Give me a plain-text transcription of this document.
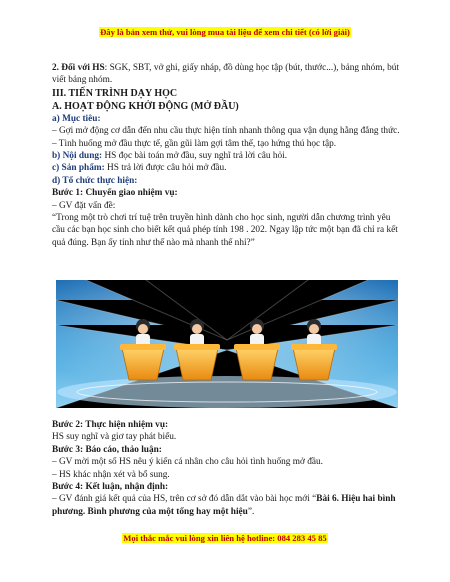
Đây là bản xem thử, vui lòng mua tài liệu để xem chi tiết (có lời giải)

2. Đối với HS: SGK, SBT, vở ghi, giấy nháp, đồ dùng học tập (bút, thước...), bảng nhóm, bút viết bảng nhóm.

III. TIẾN TRÌNH DẠY HỌC

A. HOẠT ĐỘNG KHỞI ĐỘNG (MỞ ĐẦU)

a) Mục tiêu:

– Gợi mở động cơ dẫn đến nhu cầu thực hiện tính nhanh thông qua vận dụng hằng đẳng thức.

– Tình huống mở đầu thực tế, gần gũi làm gợi tâm thế, tạo hứng thú học tập.

b) Nội dung: HS đọc bài toán mở đầu, suy nghĩ trả lời câu hỏi.

c) Sản phẩm: HS trả lời được câu hỏi mở đầu.

d) Tổ chức thực hiện:

Bước 1: Chuyển giao nhiệm vụ:

– GV đặt vấn đề:

“Trong một trò chơi trí tuệ trên truyền hình dành cho học sinh, người dẫn chương trình yêu cầu các bạn học sinh cho biết kết quả phép tính 198 . 202. Ngay lập tức một bạn đã chỉ ra kết quả đúng. Bạn ấy tính như thế nào mà nhanh thế nhỉ?”

Bước 2: Thực hiện nhiệm vụ:

HS suy nghĩ và giơ tay phát biểu.

Bước 3: Báo cáo, thảo luận:

– GV mời một số HS nêu ý kiến cá nhân cho câu hỏi tình huống mở đầu.

– HS khác nhận xét và bổ sung.

Bước 4: Kết luận, nhận định:

– GV đánh giá kết quả của HS, trên cơ sở đó dẫn dắt vào bài học mới “Bài 6. Hiệu hai bình phương. Bình phương của một tổng hay một hiệu”.

Mọi thắc mắc vui lòng xin liên hệ hotline: 084 283 45 85
